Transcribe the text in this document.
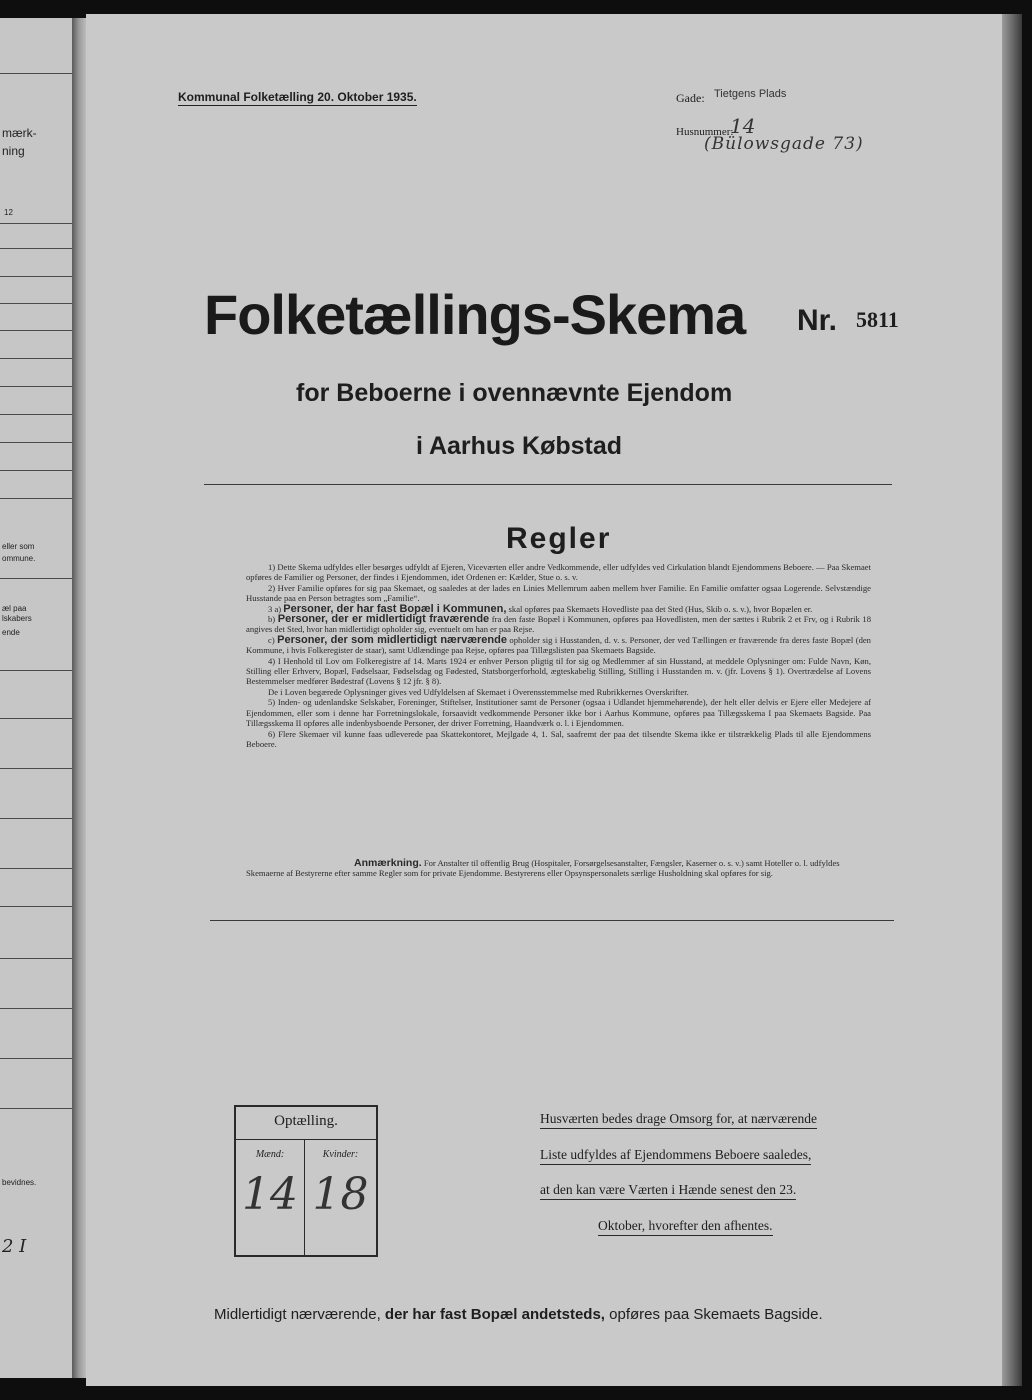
mærk-
ning
12
eller som
ommune.
æl paa
lskabers
ende
bevidnes.
2 I
Kommunal Folketælling 20. Oktober 1935.	Gade: Tietgens Plads
Husnummer:
14
(Bülowsgade 73)
Folketællings-Skema Nr. 5811
for Beboerne i ovennævnte Ejendom
i Aarhus Købstad
Regler

1) Dette Skema udfyldes eller besørges udfyldt af Ejeren, Viceværten eller andre Vedkommende, eller udfyldes ved Cirkulation blandt Ejendommens Beboere. — Paa Skemaet opføres de Familier og Personer, der findes i Ejendommen, idet Ordenen er: Kælder, Stue o. s. v.

2) Hver Familie opføres for sig paa Skemaet, og saaledes at der lades en Linies Mellemrum aaben mellem hver Familie. En Familie omfatter ogsaa Logerende. Selvstændige Husstande paa en Person betragtes som „Familie“.

3 a) Personer, der har fast Bopæl i Kommunen, skal opføres paa Skemaets Hovedliste paa det Sted (Hus, Skib o. s. v.), hvor Bopælen er.

b) Personer, der er midlertidigt fraværende fra den faste Bopæl i Kommunen, opføres paa Hovedlisten, men der sættes i Rubrik 2 et Frv, og i Rubrik 18 angives det Sted, hvor han midlertidigt opholder sig, eventuelt om han er paa Rejse.

c) Personer, der som midlertidigt nærværende opholder sig i Husstanden, d. v. s. Personer, der ved Tællingen er fraværende fra deres faste Bopæl (den Kommune, i hvis Folkeregister de staar), samt Udlændinge paa Rejse, opføres paa Tillægslisten paa Skemaets Bagside.

4) I Henhold til Lov om Folkeregistre af 14. Marts 1924 er enhver Person pligtig til for sig og Medlemmer af sin Husstand, at meddele Oplysninger om: Fulde Navn, Køn, Stilling eller Erhverv, Bopæl, Fødselsaar, Fødselsdag og Fødested, Statsborgerforhold, ægteskabelig Stilling, Stilling i Husstanden m. v. (jfr. Lovens § 1). Overtrædelse af Lovens Bestemmelser medfører Bødestraf (Lovens § 12 jfr. § 8).

De i Loven begærede Oplysninger gives ved Udfyldelsen af Skemaet i Overensstemmelse med Rubrikkernes Overskrifter.

5) Inden- og udenlandske Selskaber, Foreninger, Stiftelser, Institutioner samt de Personer (ogsaa i Udlandet hjemmehørende), der helt eller delvis er Ejere eller Medejere af Ejendommen, eller som i denne har Forretningslokale, forsaavidt vedkommende Personer ikke bor i Aarhus Kommune, opføres paa Tillægsskema I paa Skemaets Bagside. Paa Tillægsskema II opføres alle indenbysboende Personer, der driver Forretning, Haandværk o. l. i Ejendommen.

6) Flere Skemaer vil kunne faas udleverede paa Skattekontoret, Mejlgade 4, 1. Sal, saafremt der paa det tilsendte Skema ikke er tilstrækkelig Plads til alle Ejendommens Beboere.

Anmærkning. For Anstalter til offentlig Brug (Hospitaler, Forsørgelsesanstalter, Fængsler, Kaserner o. s. v.) samt Hoteller o. l. udfyldes Skemaerne af Bestyrerne efter samme Regler som for private Ejendomme. Bestyrerens eller Opsynspersonalets særlige Husholdning skal opføres for sig.
Optælling.
Mænd:	Kvinder:
14 18
Husværten bedes drage Omsorg for, at nærværende
Liste udfyldes af Ejendommens Beboere saaledes,
at den kan være Værten i Hænde senest den 23.
Oktober, hvorefter den afhentes.
Midlertidigt nærværende, der har fast Bopæl andetsteds, opføres paa Skemaets Bagside.
